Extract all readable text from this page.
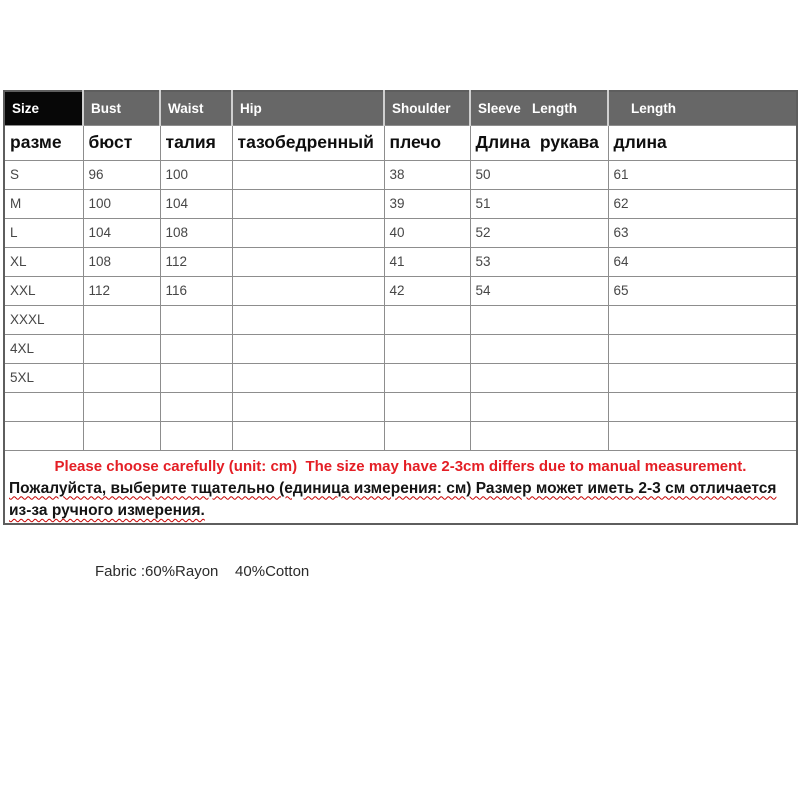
Size	Bust	Waist	Hip	Shoulder	Sleeve   Length	Length
разме	бюст	талия	тазобедренный	плечо	Длина  рукава	длина
S	96	100		38	50	61
M	100	104		39	51	62
L	104	108		40	52	63
XL	108	112		41	53	64
XXL	112	116		42	54	65
XXXL						
4XL						
5XL						

Please choose carefully (unit: cm)  The size may have 2-3cm differs due to manual measurement.
Пожалуйста, выберите тщательно (единица измерения: см) Размер может иметь 2-3 см отличается из-за ручного измерения.						
Fabric :60%Rayon    40%Cotton
